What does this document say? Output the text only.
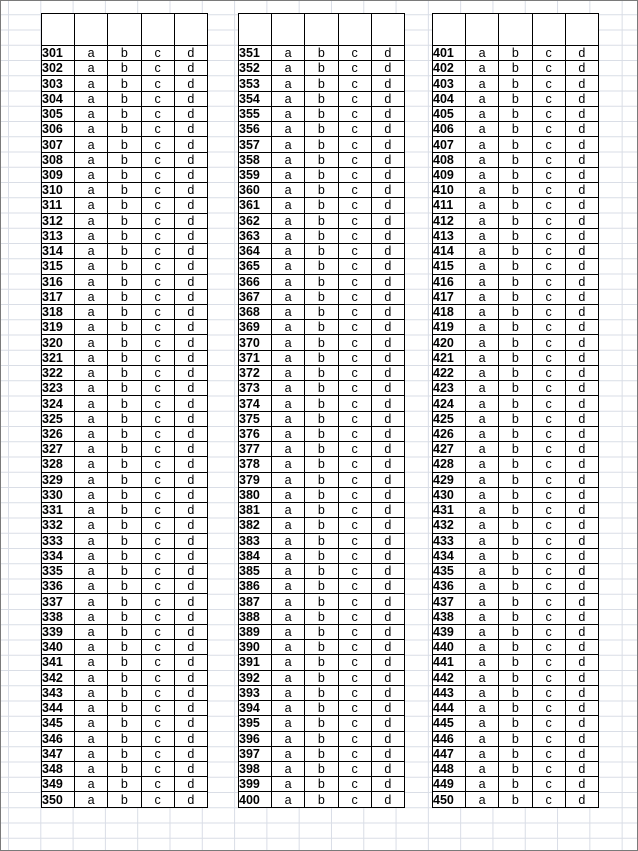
301	a	b	c	d
302	a	b	c	d
303	a	b	c	d
304	a	b	c	d
305	a	b	c	d
306	a	b	c	d
307	a	b	c	d
308	a	b	c	d
309	a	b	c	d
310	a	b	c	d
311	a	b	c	d
312	a	b	c	d
313	a	b	c	d
314	a	b	c	d
315	a	b	c	d
316	a	b	c	d
317	a	b	c	d
318	a	b	c	d
319	a	b	c	d
320	a	b	c	d
321	a	b	c	d
322	a	b	c	d
323	a	b	c	d
324	a	b	c	d
325	a	b	c	d
326	a	b	c	d
327	a	b	c	d
328	a	b	c	d
329	a	b	c	d
330	a	b	c	d
331	a	b	c	d
332	a	b	c	d
333	a	b	c	d
334	a	b	c	d
335	a	b	c	d
336	a	b	c	d
337	a	b	c	d
338	a	b	c	d
339	a	b	c	d
340	a	b	c	d
341	a	b	c	d
342	a	b	c	d
343	a	b	c	d
344	a	b	c	d
345	a	b	c	d
346	a	b	c	d
347	a	b	c	d
348	a	b	c	d
349	a	b	c	d
350	a	b	c	d

351	a	b	c	d
352	a	b	c	d
353	a	b	c	d
354	a	b	c	d
355	a	b	c	d
356	a	b	c	d
357	a	b	c	d
358	a	b	c	d
359	a	b	c	d
360	a	b	c	d
361	a	b	c	d
362	a	b	c	d
363	a	b	c	d
364	a	b	c	d
365	a	b	c	d
366	a	b	c	d
367	a	b	c	d
368	a	b	c	d
369	a	b	c	d
370	a	b	c	d
371	a	b	c	d
372	a	b	c	d
373	a	b	c	d
374	a	b	c	d
375	a	b	c	d
376	a	b	c	d
377	a	b	c	d
378	a	b	c	d
379	a	b	c	d
380	a	b	c	d
381	a	b	c	d
382	a	b	c	d
383	a	b	c	d
384	a	b	c	d
385	a	b	c	d
386	a	b	c	d
387	a	b	c	d
388	a	b	c	d
389	a	b	c	d
390	a	b	c	d
391	a	b	c	d
392	a	b	c	d
393	a	b	c	d
394	a	b	c	d
395	a	b	c	d
396	a	b	c	d
397	a	b	c	d
398	a	b	c	d
399	a	b	c	d
400	a	b	c	d

401	a	b	c	d
402	a	b	c	d
403	a	b	c	d
404	a	b	c	d
405	a	b	c	d
406	a	b	c	d
407	a	b	c	d
408	a	b	c	d
409	a	b	c	d
410	a	b	c	d
411	a	b	c	d
412	a	b	c	d
413	a	b	c	d
414	a	b	c	d
415	a	b	c	d
416	a	b	c	d
417	a	b	c	d
418	a	b	c	d
419	a	b	c	d
420	a	b	c	d
421	a	b	c	d
422	a	b	c	d
423	a	b	c	d
424	a	b	c	d
425	a	b	c	d
426	a	b	c	d
427	a	b	c	d
428	a	b	c	d
429	a	b	c	d
430	a	b	c	d
431	a	b	c	d
432	a	b	c	d
433	a	b	c	d
434	a	b	c	d
435	a	b	c	d
436	a	b	c	d
437	a	b	c	d
438	a	b	c	d
439	a	b	c	d
440	a	b	c	d
441	a	b	c	d
442	a	b	c	d
443	a	b	c	d
444	a	b	c	d
445	a	b	c	d
446	a	b	c	d
447	a	b	c	d
448	a	b	c	d
449	a	b	c	d
450	a	b	c	d
